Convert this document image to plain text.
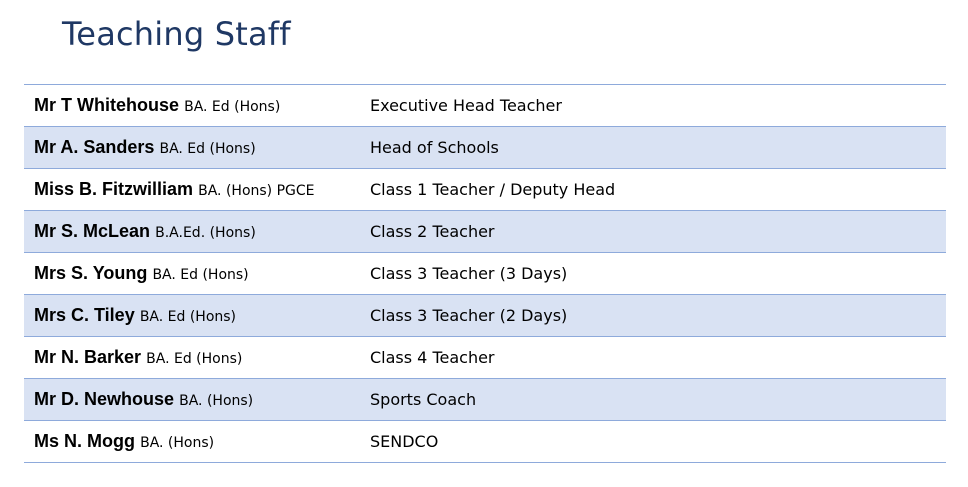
Teaching Staff
Mr T Whitehouse BA. Ed (Hons)	Executive Head Teacher
Mr A. Sanders BA. Ed (Hons)	Head of Schools
Miss B. Fitzwilliam BA. (Hons) PGCE	Class 1 Teacher / Deputy Head
Mr S. McLean B.A.Ed. (Hons)	Class 2 Teacher
Mrs S. Young BA. Ed (Hons)	Class 3 Teacher (3 Days)
Mrs C. Tiley BA. Ed (Hons)	Class 3 Teacher (2 Days)
Mr N. Barker BA. Ed (Hons)	Class 4 Teacher
Mr D. Newhouse BA. (Hons)	Sports Coach
Ms N. Mogg BA. (Hons)	SENDCO
